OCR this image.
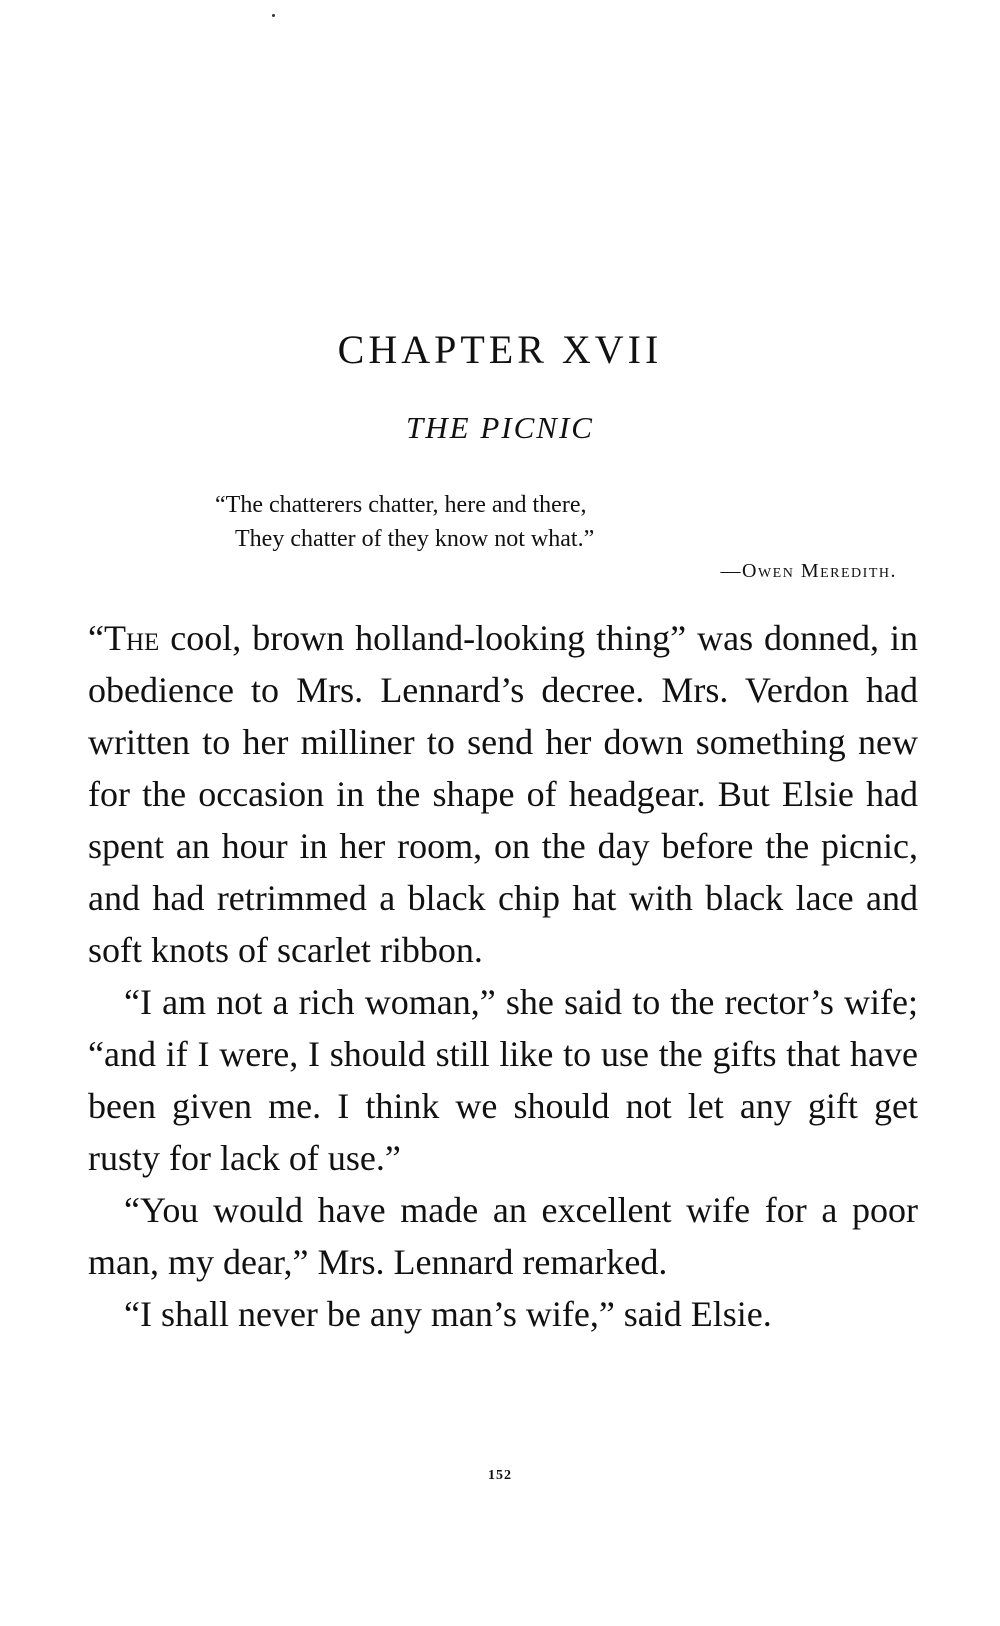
CHAPTER XVII
THE PICNIC
“The chatterers chatter, here and there,
They chatter of they know not what.”
—Owen Meredith.

“The cool, brown holland-looking thing” was donned, in obedience to Mrs. Lennard’s decree. Mrs. Verdon had written to her milliner to send her down something new for the occasion in the shape of headgear. But Elsie had spent an hour in her room, on the day before the picnic, and had retrimmed a black chip hat with black lace and soft knots of scarlet ribbon.

“I am not a rich woman,” she said to the rector’s wife; “and if I were, I should still like to use the gifts that have been given me. I think we should not let any gift get rusty for lack of use.”

“You would have made an excellent wife for a poor man, my dear,” Mrs. Lennard remarked.

“I shall never be any man’s wife,” said Elsie.

152
